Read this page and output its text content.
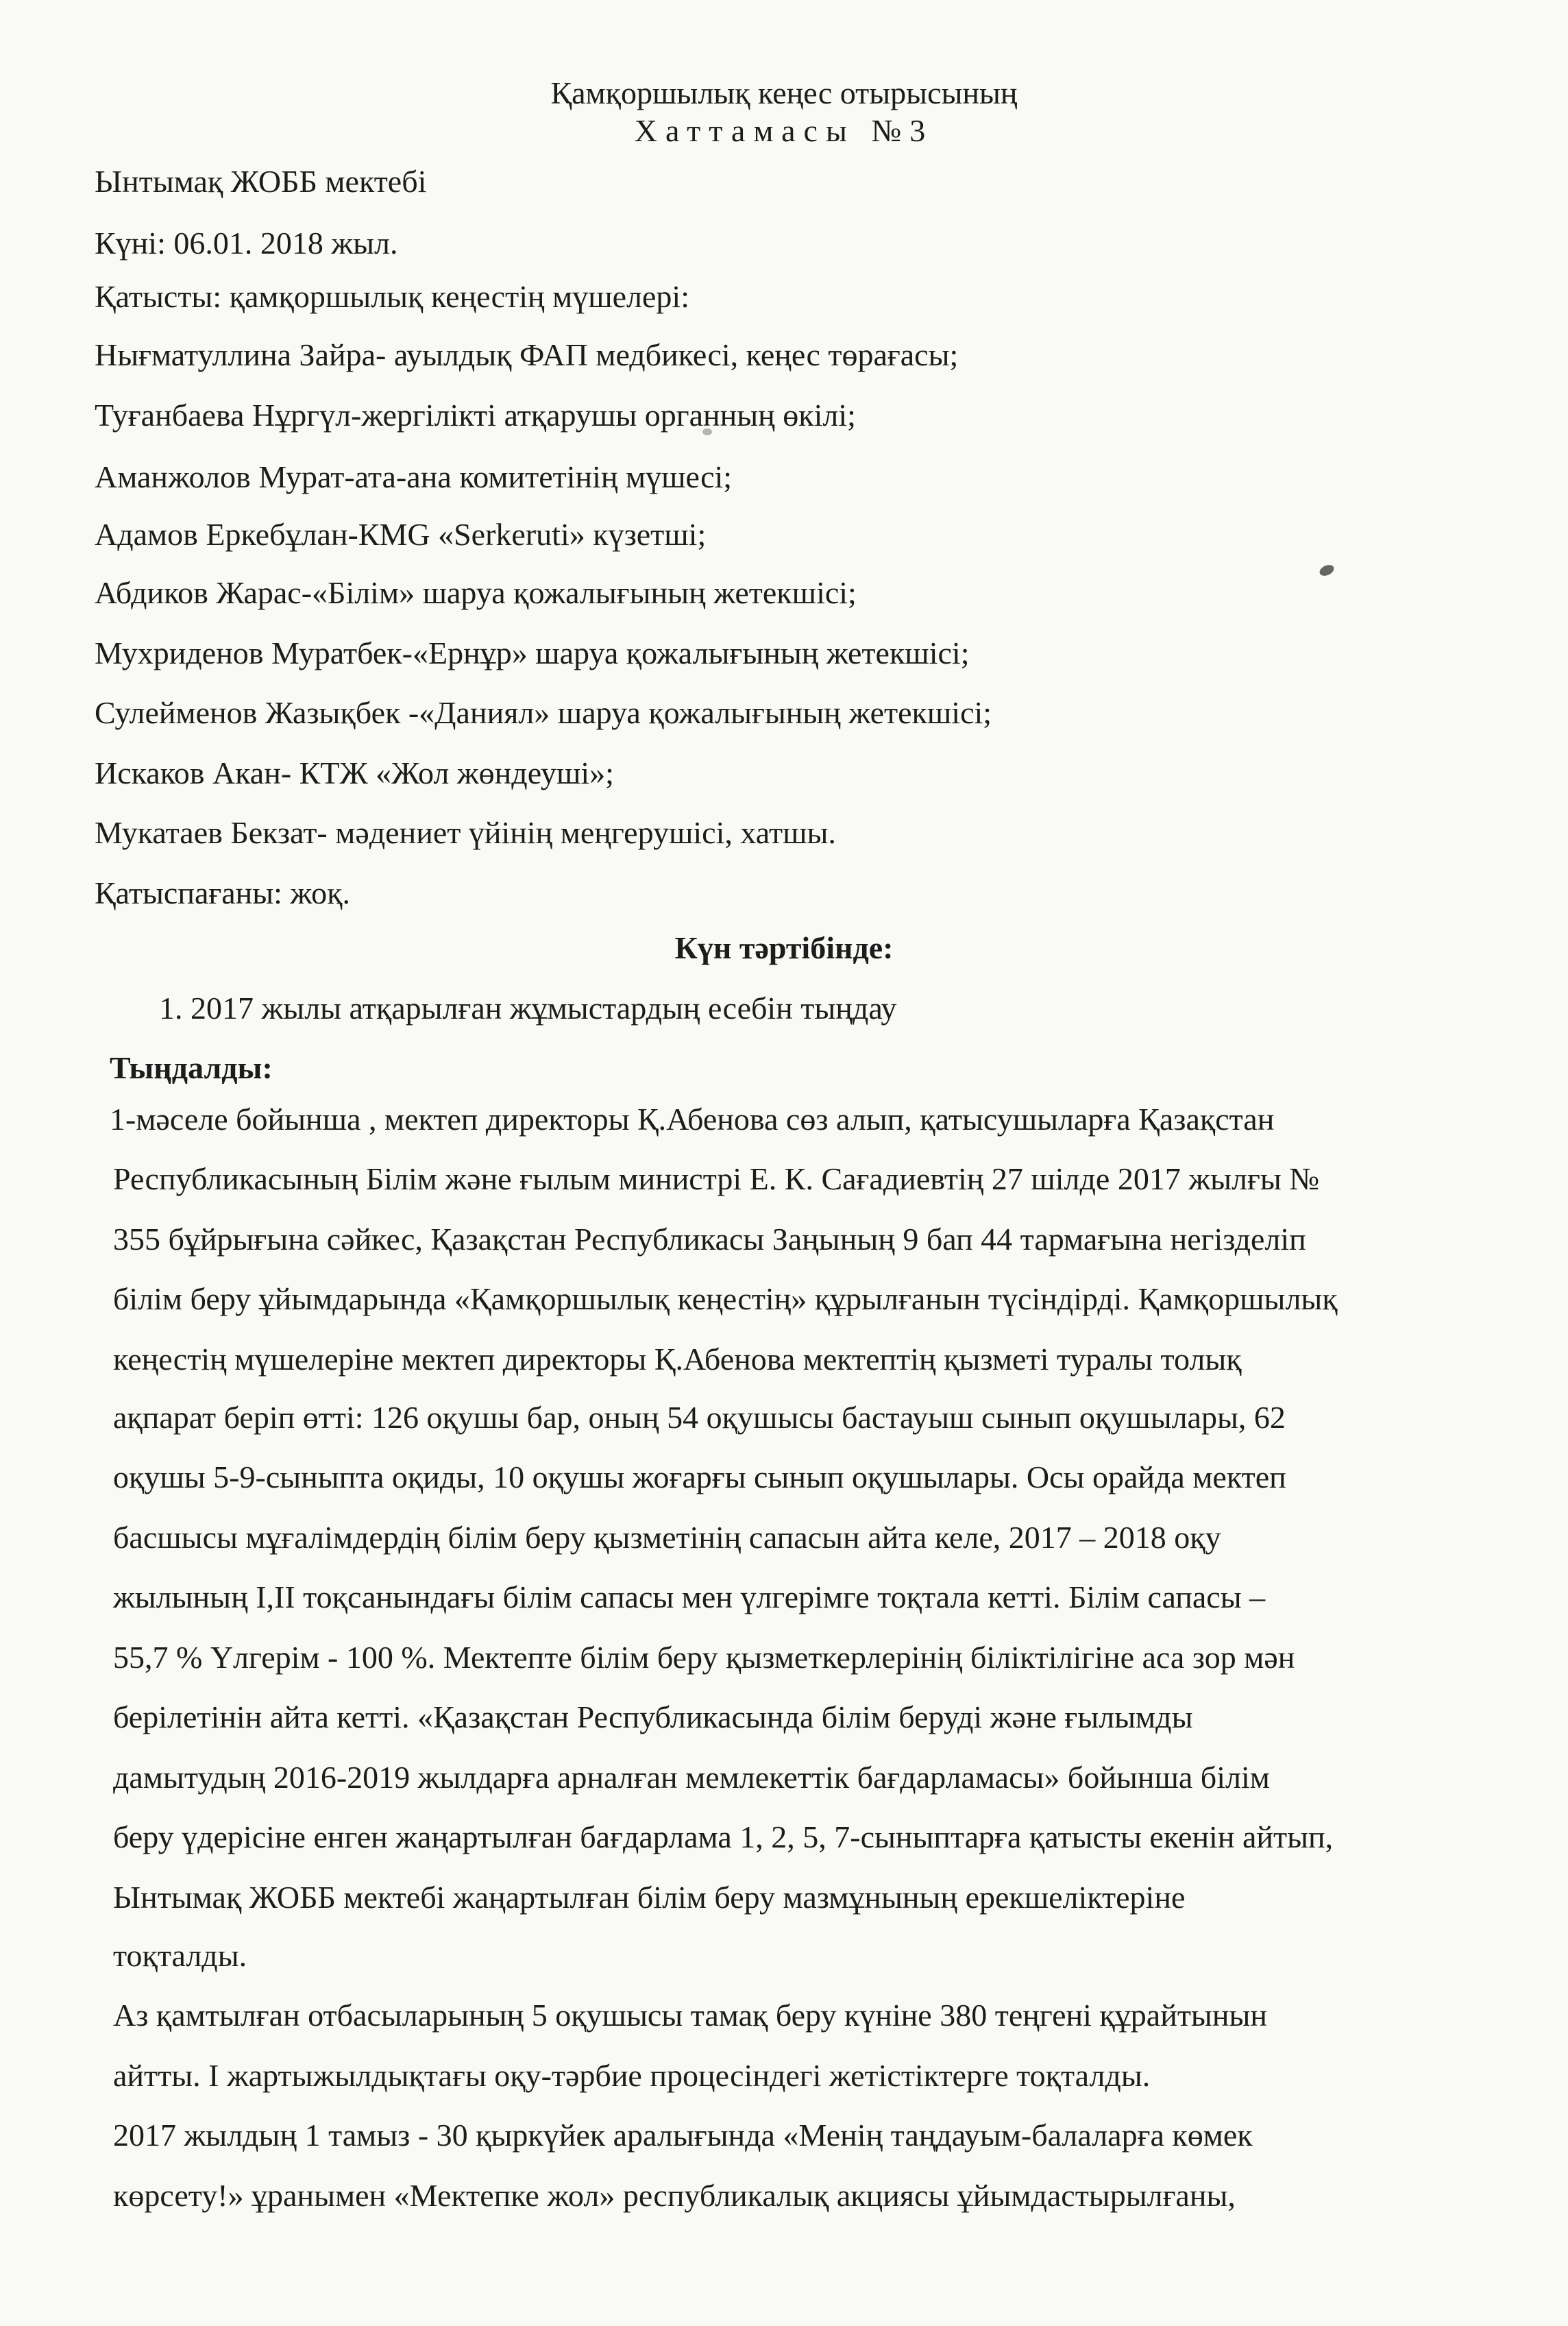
Қамқоршылық кеңес отырысының
Хаттамасы №3
Ынтымақ ЖОББ мектебі
Күні: 06.01. 2018 жыл.
Қатысты: қамқоршылық кеңестің мүшелері:
Нығматуллина Зайра- ауылдық ФАП медбикесі, кеңес төрағасы;
Туғанбаева Нұргүл-жергілікті атқарушы органның өкілі;
Аманжолов Мурат-ата-ана комитетінің мүшесі;
Адамов Еркебұлан-КМG «Serkeruti» күзетші;
Абдиков Жарас-«Білім» шаруа қожалығының жетекшісі;
Мухриденов Муратбек-«Ернұр» шаруа қожалығының жетекшісі;
Сулейменов Жазықбек -«Даниял» шаруа қожалығының жетекшісі;
Искаков Акан- КТЖ «Жол жөндеуші»;
Мукатаев Бекзат- мәдениет үйінің меңгерушісі, хатшы.
Қатыспағаны: жоқ.
Күн тәртібінде:
1. 2017 жылы атқарылған жұмыстардың есебін тыңдау
Тыңдалды:
1-мәселе бойынша , мектеп директоры Қ.Абенова сөз алып, қатысушыларға Қазақстан
Республикасының Білім және ғылым министрі Е. К. Сағадиевтің 27 шілде 2017 жылғы №
355 бұйрығына сәйкес, Қазақстан Республикасы Заңының 9 бап 44 тармағына негізделіп
білім беру ұйымдарында «Қамқоршылық кеңестің» құрылғанын түсіндірді. Қамқоршылық
кеңестің мүшелеріне мектеп директоры Қ.Абенова мектептің қызметі туралы толық
ақпарат беріп өтті: 126 оқушы бар, оның 54 оқушысы бастауыш сынып оқушылары, 62
оқушы 5-9-сыныпта оқиды, 10 оқушы жоғарғы сынып оқушылары. Осы орайда мектеп
басшысы мұғалімдердің білім беру қызметінің сапасын айта келе, 2017 – 2018 оқу
жылының I,II тоқсанындағы білім сапасы мен үлгерімге тоқтала кетті. Білім сапасы –
55,7 % Үлгерім - 100 %. Мектепте білім беру қызметкерлерінің біліктілігіне аса зор мән
берілетінін айта кетті. «Қазақстан Республикасында білім беруді және ғылымды
дамытудың 2016-2019 жылдарға арналған мемлекеттік бағдарламасы» бойынша білім
беру үдерісіне енген жаңартылған бағдарлама 1, 2, 5, 7-сыныптарға қатысты екенін айтып,
Ынтымақ ЖОББ мектебі жаңартылған білім беру мазмұнының ерекшеліктеріне
тоқталды.
Аз қамтылған отбасыларының 5 оқушысы тамақ беру күніне 380 теңгені құрайтынын
айтты. I жартыжылдықтағы оқу-тәрбие процесіндегі жетістіктерге тоқталды.
2017 жылдың 1 тамыз - 30 қыркүйек аралығында «Менің таңдауым-балаларға көмек
көрсету!» ұранымен «Мектепке жол» республикалық акциясы ұйымдастырылғаны,
